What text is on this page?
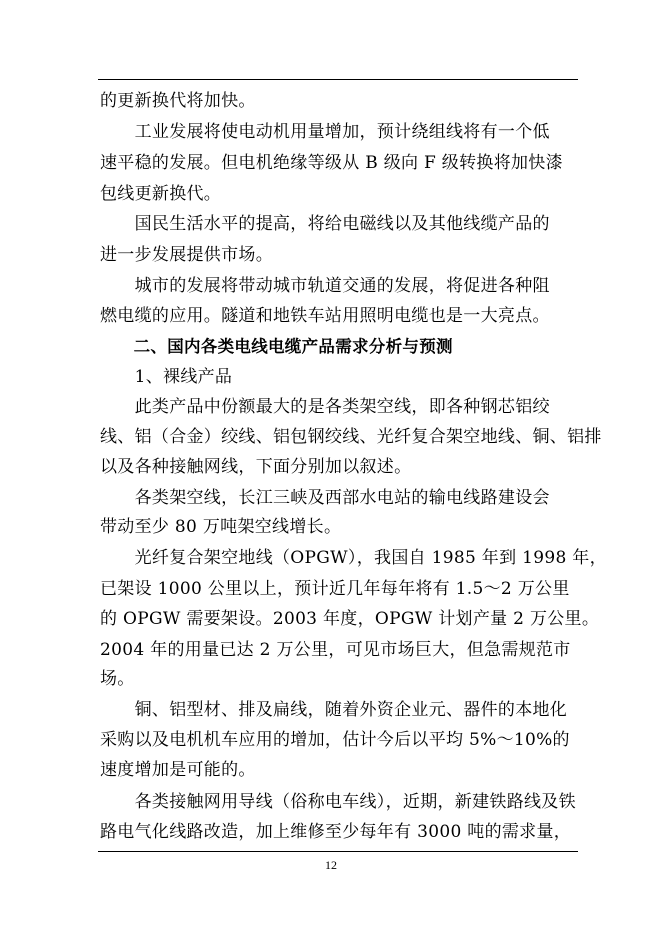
的更新换代将加快。
　　工业发展将使电动机用量增加，预计绕组线将有一个低
速平稳的发展。但电机绝缘等级从 B 级向 F 级转换将加快漆
包线更新换代。
　　国民生活水平的提高，将给电磁线以及其他线缆产品的
进一步发展提供市场。
　　城市的发展将带动城市轨道交通的发展，将促进各种阻
燃电缆的应用。隧道和地铁车站用照明电缆也是一大亮点。
　　二、国内各类电线电缆产品需求分析与预测
　　1、裸线产品
　　此类产品中份额最大的是各类架空线，即各种钢芯铝绞
线、铝（合金）绞线、铝包钢绞线、光纤复合架空地线、铜、铝排
以及各种接触网线，下面分别加以叙述。
　　各类架空线，长江三峡及西部水电站的输电线路建设会
带动至少 80 万吨架空线增长。
　　光纤复合架空地线（OPGW），我国自 1985 年到 1998 年，
已架设 1000 公里以上，预计近几年每年将有 1.5～2 万公里
的 OPGW 需要架设。2003 年度，OPGW 计划产量 2 万公里。
2004 年的用量已达 2 万公里，可见市场巨大，但急需规范市
场。
　　铜、铝型材、排及扁线，随着外资企业元、器件的本地化
采购以及电机机车应用的增加，估计今后以平均 5%～10%的
速度增加是可能的。
　　各类接触网用导线（俗称电车线），近期，新建铁路线及铁
路电气化线路改造，加上维修至少每年有 3000 吨的需求量，
12
